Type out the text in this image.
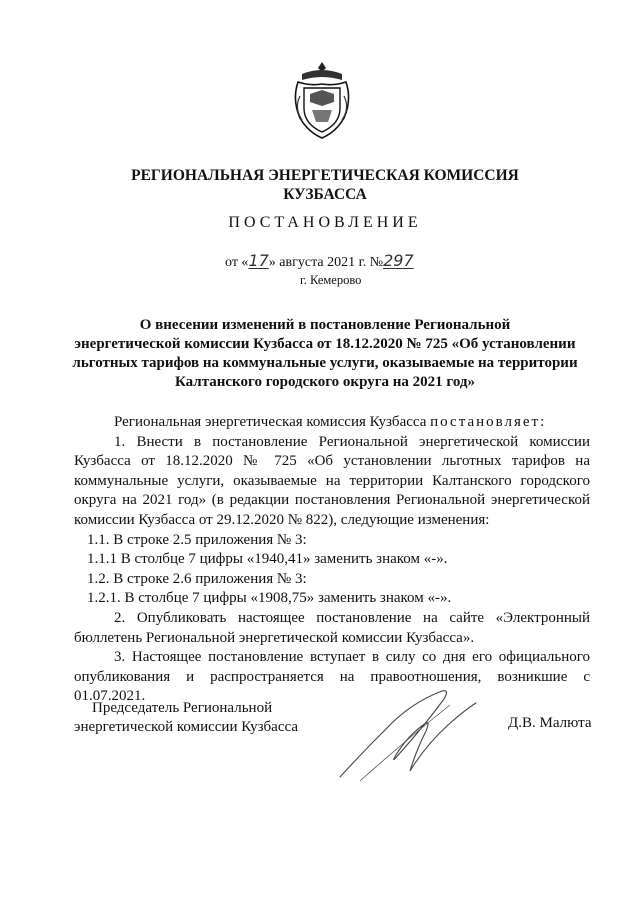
РЕГИОНАЛЬНАЯ ЭНЕРГЕТИЧЕСКАЯ КОМИССИЯ
КУЗБАССА
ПОСТАНОВЛЕНИЕ
от «17» августа 2021 г. №297
г. Кемерово
О внесении изменений в постановление Региональной
энергетической комиссии Кузбасса от 18.12.2020 № 725 «Об установлении
льготных тарифов на коммунальные услуги, оказываемые на территории
Калтанского городского округа на 2021 год»

Региональная энергетическая комиссия Кузбасса постановляет:

1. Внести в постановление Региональной энергетической комиссии Кузбасса от 18.12.2020 № 725 «Об установлении льготных тарифов на коммунальные услуги, оказываемые на территории Калтанского городского округа на 2021 год» (в редакции постановления Региональной энергетической комиссии Кузбасса от 29.12.2020 № 822), следующие изменения:

1.1. В строке 2.5 приложения № 3:

1.1.1 В столбце 7 цифры «1940,41» заменить знаком «-».

1.2. В строке 2.6 приложения № 3:

1.2.1. В столбце 7 цифры «1908,75» заменить знаком «-».

2. Опубликовать настоящее постановление на сайте «Электронный бюллетень Региональной энергетической комиссии Кузбасса».

3. Настоящее постановление вступает в силу со дня его официального опубликования и распространяется на правоотношения, возникшие с 01.07.2021.

Председатель Региональной
энергетической комиссии Кузбасса	Д.В. Малюта
